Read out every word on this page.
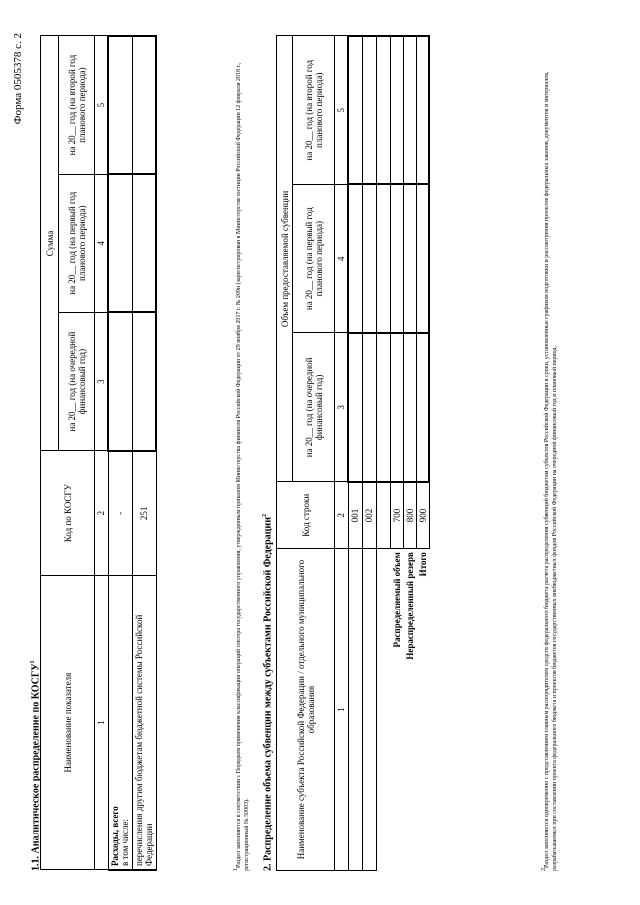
Форма 0505378 с. 2
1.1. Аналитическое распределение по КОСГУ$^1$
Наименование показателя	Код по КОСГУ	Сумма		
		на 20__ год (на очередной финансовый год)	на 20__ год (на первый год планового периода)	на 20__ год (на второй год планового периода)
1	2	3	4	5
Расходы, всего
в том числе:	-			
перечисления другим бюджетам бюджетной системы Российской Федерации	251			
$^1$Раздел заполняется в соответствии с Порядком применения классификации операций сектора государственного управления, утвержденным приказом Министерства финансов Российской Федерации от 29 ноября 2017 г. № 209н (зарегистрирован в Министерстве юстиции Российской Федерации 12 февраля 2018 г., регистрационный № 50003). 2. Распределение объема субвенции между субъектами Российской Федерации$^2$
Наименование субъекта Российской Федерации / отдельного муниципального образования	Код строки	Объем предоставляемой субвенции		
		на 20__ год (на очередной финансовый год)	на 20__ год (на первый год планового периода)	на 20__ год (на второй год планового периода)
1	2	3	4	5
	001			
	002			

Распределяемый объем	700			
Нераспределенный резерв	800			
Итого	900			
$^2$Раздел заполняется одновременно с представлением главным распорядителем средств федерального бюджета расчета распределения субвенций бюджетам субъектов Российской Федерации в сроки, установленные графиком подготовки и рассмотрения проектов федеральных законов, документов и материалов, разрабатываемых при составлении проекта федерального бюджета и проектов бюджетов государственных внебюджетных фондов Российской Федерации на очередной финансовый год и плановый период.
